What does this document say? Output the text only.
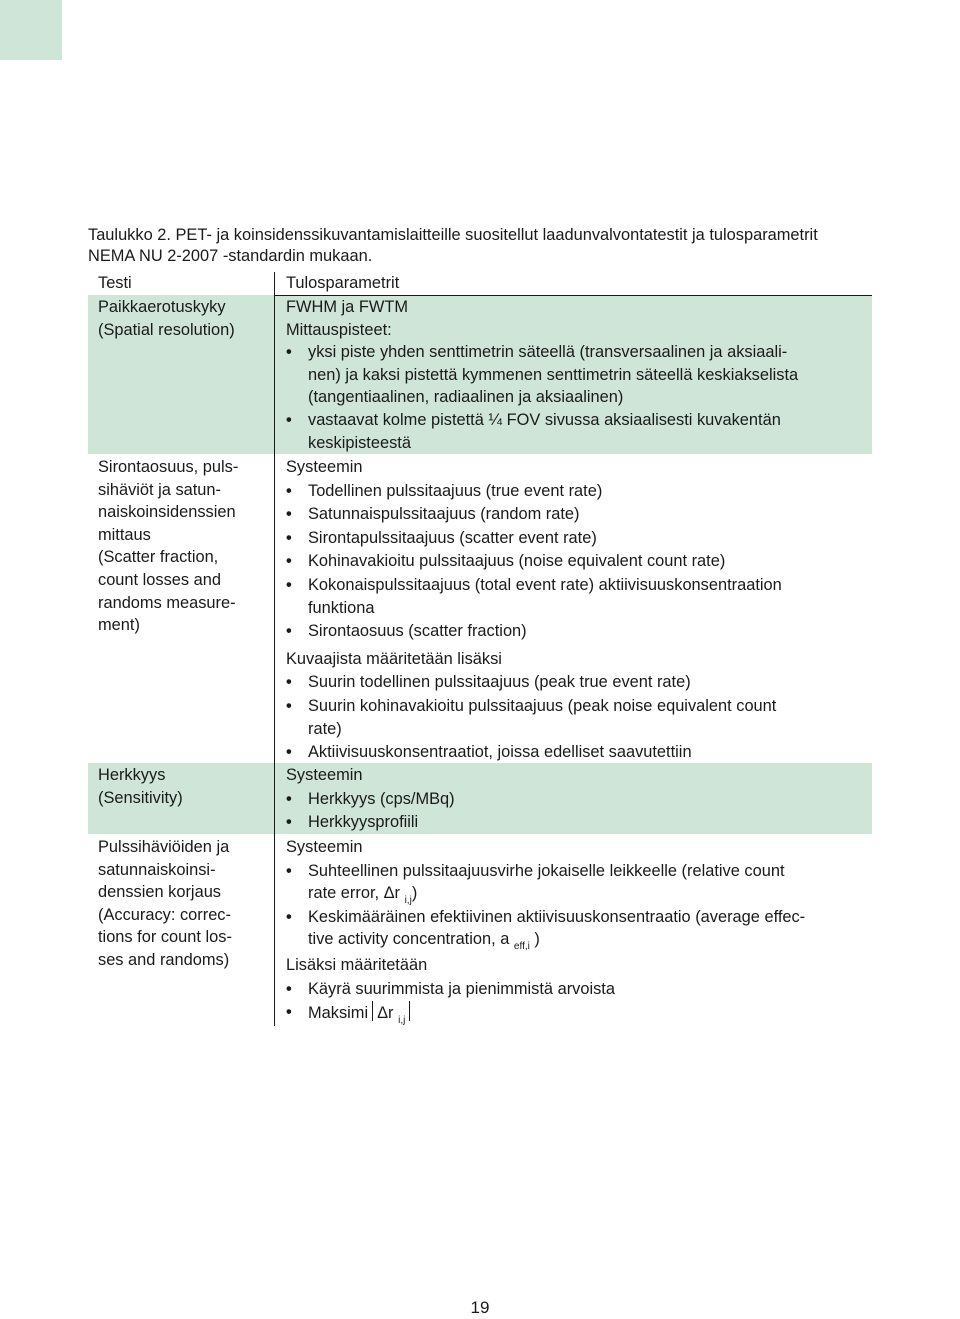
Taulukko 2. PET- ja koinsidenssikuvantamislaitteille suositellut laadunvalvontatestit ja tulosparametrit
NEMA NU 2-2007 -standardin mukaan.
Paikkaerotuskyky
(Spatial resolution)
FWHM ja FWTM
Mittauspisteet:
• yksi piste yhden senttimetrin säteellä (transversaalinen ja aksiaali-
nen) ja kaksi pistettä kymmenen senttimetrin säteellä keskiakselista
(tangentiaalinen, radiaalinen ja aksiaalinen)
• vastaavat kolme pistettä ¼ FOV sivussa aksiaalisesti kuvakentän
keskipisteestä
Sirontaosuus, puls-
sihäviöt ja satun-
naiskoinsidenssien
mittaus
(Scatter fraction,
count losses and
randoms measure-
ment)
Systeemin
• Todellinen pulssitaajuus (true event rate)
• Satunnaispulssitaajuus (random rate)
• Sirontapulssitaajuus (scatter event rate)
• Kohinavakioitu pulssitaajuus (noise equivalent count rate)
• Kokonaispulssitaajuus (total event rate) aktiivisuuskonsentraation
funktiona
• Sirontaosuus (scatter fraction)
Kuvaajista määritetään lisäksi
• Suurin todellinen pulssitaajuus (peak true event rate)
• Suurin kohinavakioitu pulssitaajuus (peak noise equivalent count
rate)
• Aktiivisuuskonsentraatiot, joissa edelliset saavutettiin
Herkkyys
(Sensitivity)
Systeemin
• Herkkyys (cps/MBq)
• Herkkyysprofiili
Pulssihäviöiden ja
satunnaiskoinsi-
denssien korjaus
(Accuracy: correc-
tions for count los-
ses and randoms)
Systeemin
• Suhteellinen pulssitaajuusvirhe jokaiselle leikkeelle (relative count
rate error, Δr $_{i,j}$)
• Keskimääräinen efektiivinen aktiivisuuskonsentraatio (average effec-
tive activity concentration, a $_{eff,i}$ )
Lisäksi määritetään
• Käyrä suurimmista ja pienimmistä arvoista
• Maksimi Δr $_{i,j}$
Testi	Tulosparametrit
19
